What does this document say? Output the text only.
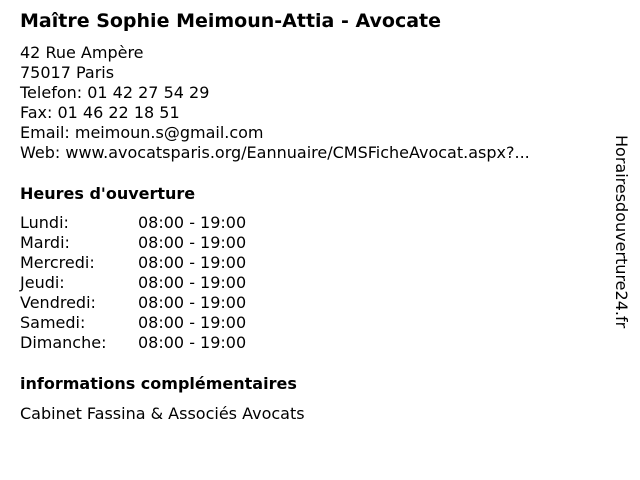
Maître Sophie Meimoun-Attia - Avocate
42 Rue Ampère
75017 Paris
Telefon: 01 42 27 54 29
Fax: 01 46 22 18 51
Email: meimoun.s@gmail.com
Web: www.avocatsparis.org/Eannuaire/CMSFicheAvocat.aspx?...
Heures d'ouverture
Lundi:	08:00 - 19:00
Mardi:	08:00 - 19:00
Mercredi:	08:00 - 19:00
Jeudi:	08:00 - 19:00
Vendredi:	08:00 - 19:00
Samedi:	08:00 - 19:00
Dimanche: 08:00 - 19:00
informations complémentaires
Cabinet Fassina & Associés Avocats
Horairesdouverture24.fr
